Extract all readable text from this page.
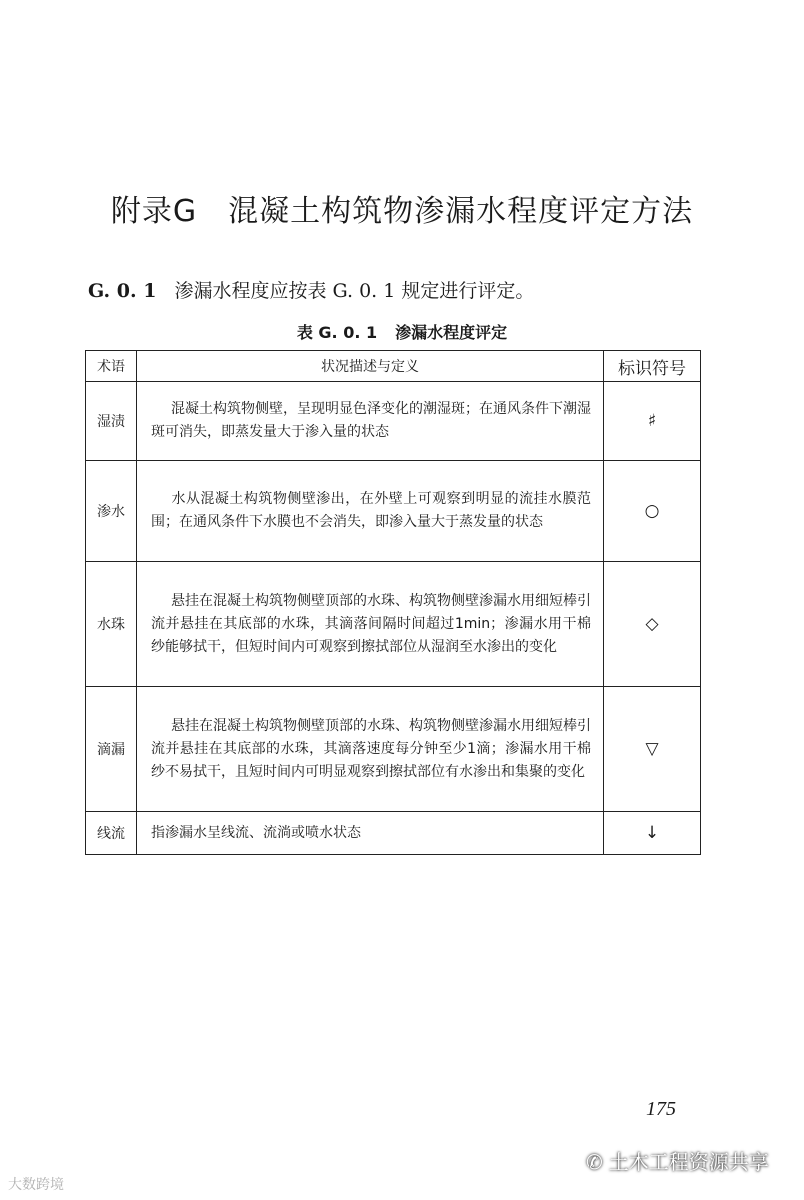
附录G　混凝土构筑物渗漏水程度评定方法
G. 0. 1 渗漏水程度应按表 G. 0. 1 规定进行评定。
表 G. 0. 1 渗漏水程度评定
术语	状况描述与定义	标识符号
湿渍	混凝土构筑物侧壁，呈现明显色泽变化的潮湿斑；在通风条件下潮湿斑可消失，即蒸发量大于渗入量的状态	♯
渗水	水从混凝土构筑物侧壁渗出，在外壁上可观察到明显的流挂水膜范围；在通风条件下水膜也不会消失，即渗入量大于蒸发量的状态	○
水珠	悬挂在混凝土构筑物侧壁顶部的水珠、构筑物侧壁渗漏水用细短棒引流并悬挂在其底部的水珠，其滴落间隔时间超过1min；渗漏水用干棉纱能够拭干，但短时间内可观察到擦拭部位从湿润至水渗出的变化	◇
滴漏	悬挂在混凝土构筑物侧壁顶部的水珠、构筑物侧壁渗漏水用细短棒引流并悬挂在其底部的水珠，其滴落速度每分钟至少1滴；渗漏水用干棉纱不易拭干，且短时间内可明显观察到擦拭部位有水渗出和集聚的变化	▽
线流	指渗漏水呈线流、流淌或喷水状态	↓
175
大数跨境
✆ 土木工程资源共享
